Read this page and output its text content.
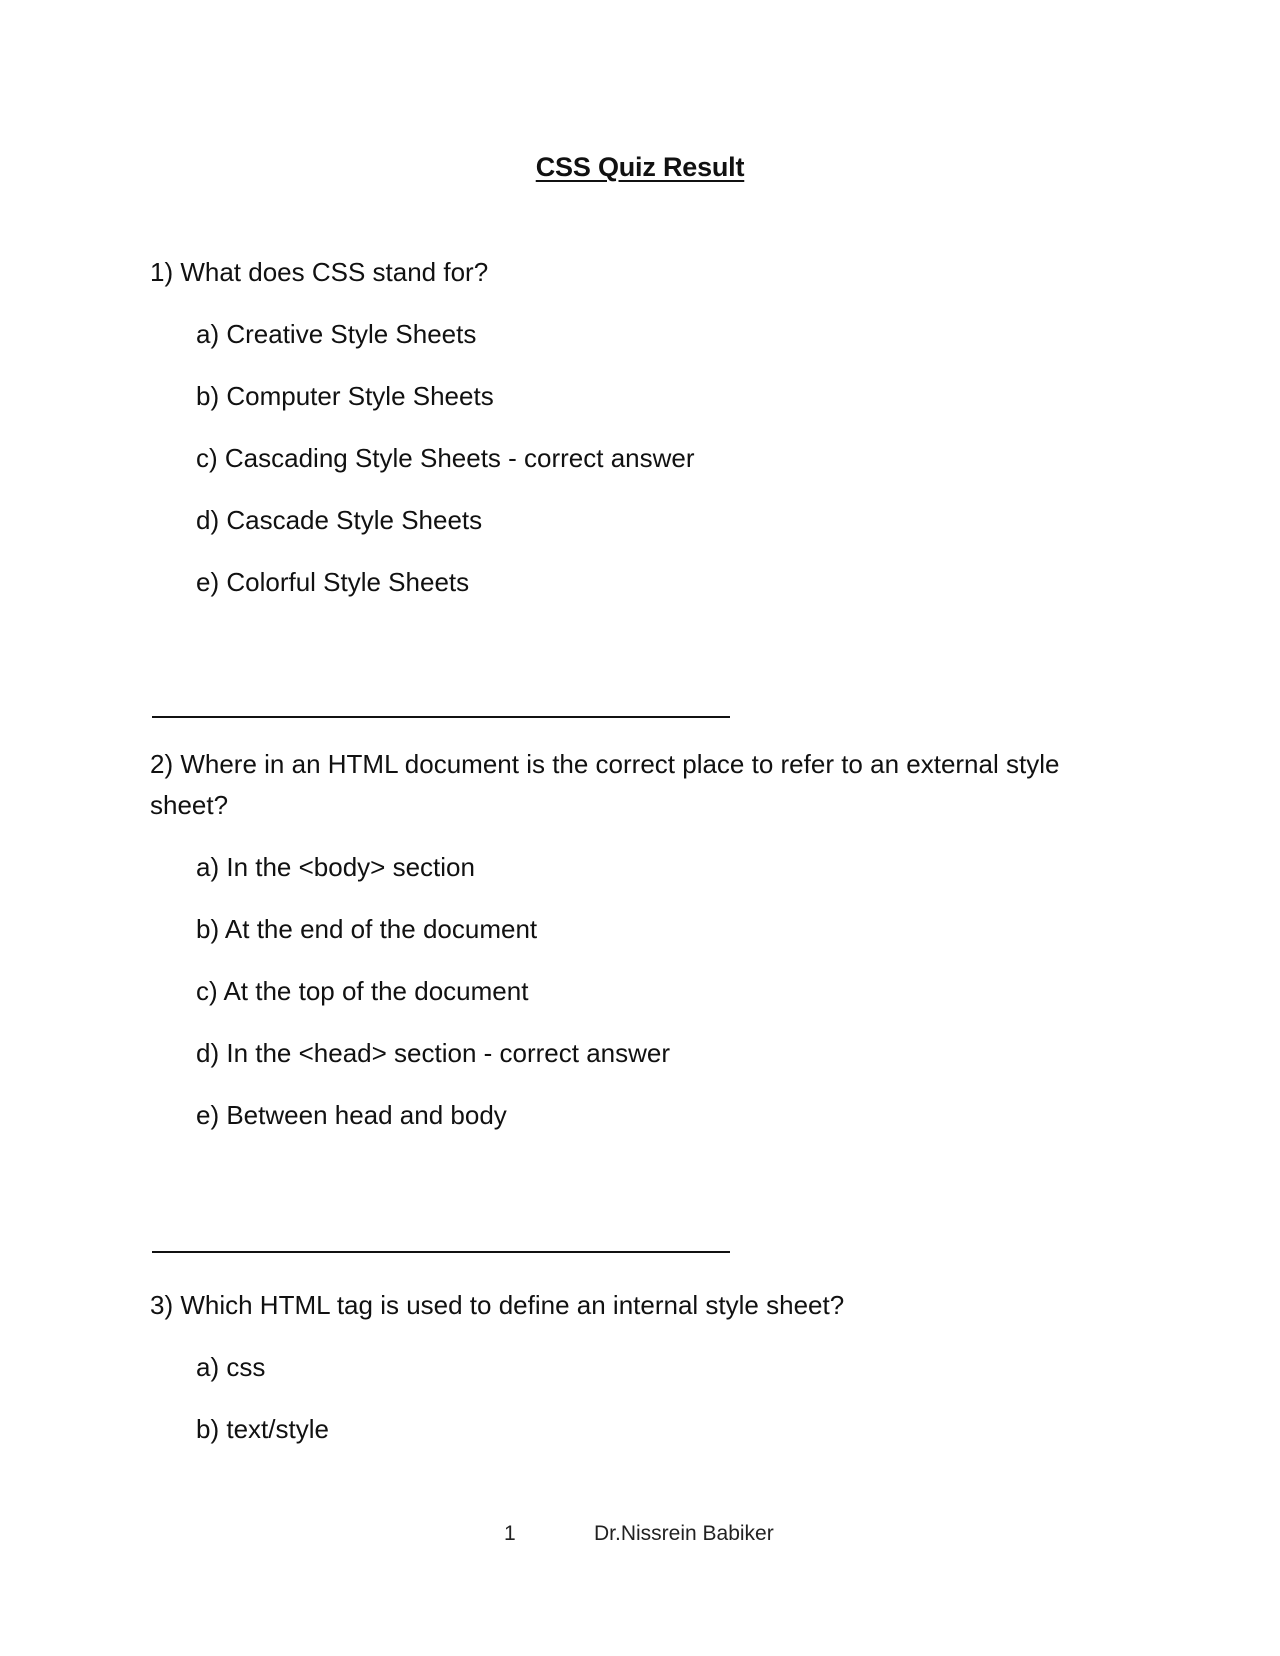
CSS Quiz Result

1) What does CSS stand for?

a) Creative Style Sheets
b) Computer Style Sheets
c) Cascading Style Sheets - correct answer
d) Cascade Style Sheets
e) Colorful Style Sheets

2) Where in an HTML document is the correct place to refer to an external style sheet?

a) In the <body> section
b) At the end of the document
c) At the top of the document
d) In the <head> section - correct answer
e) Between head and body

3) Which HTML tag is used to define an internal style sheet?

a) css
b) text/style
1	Dr.Nissrein Babiker
